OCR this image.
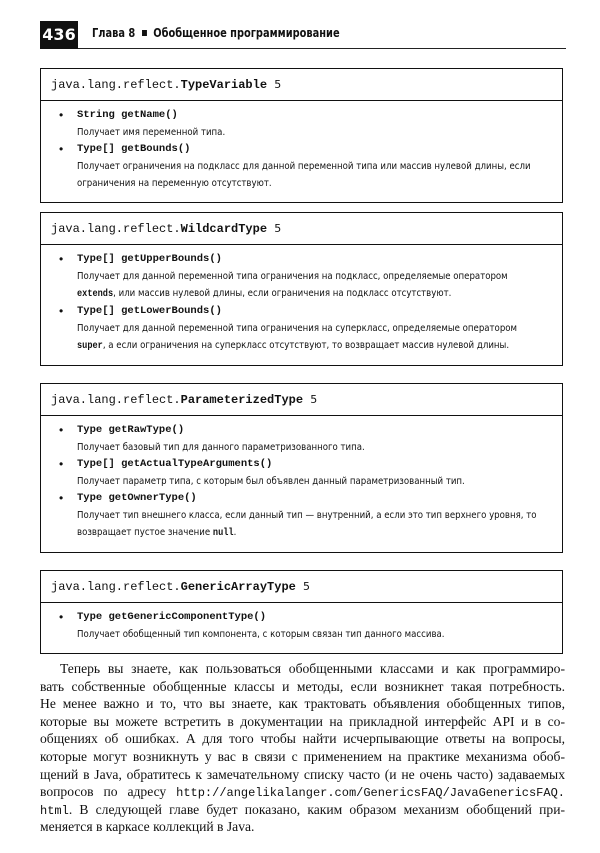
436 Глава 8 Обобщенное программирование
java.lang.reflect.TypeVariable 5
• String getName()
Получает имя переменной типа.
• Type[] getBounds()
Получает ограничения на подкласс для данной переменной типа или массив нулевой длины, если
ограничения на переменную отсутствуют.
java.lang.reflect.WildcardType 5
• Type[] getUpperBounds()
Получает для данной переменной типа ограничения на подкласс, определяемые оператором
extends, или массив нулевой длины, если ограничения на подкласс отсутствуют.
• Type[] getLowerBounds()
Получает для данной переменной типа ограничения на суперкласс, определяемые оператором
super, а если ограничения на суперкласс отсутствуют, то возвращает массив нулевой длины.
java.lang.reflect.ParameterizedType 5
• Type getRawType()
Получает базовый тип для данного параметризованного типа.
• Type[] getActualTypeArguments()
Получает параметр типа, с которым был объявлен данный параметризованный тип.
• Type getOwnerType()
Получает тип внешнего класса, если данный тип — внутренний, а если это тип верхнего уровня, то
возвращает пустое значение null.
java.lang.reflect.GenericArrayType 5
• Type getGenericComponentType()
Получает обобщенный тип компонента, с которым связан тип данного массива.
Теперь вы знаете, как пользоваться обобщенными классами и как программиро-
вать собственные обобщенные классы и методы, если возникнет такая потребность.
Не менее важно и то, что вы знаете, как трактовать объявления обобщенных типов,
которые вы можете встретить в документации на прикладной интерфейс API и в со-
общениях об ошибках. А для того чтобы найти исчерпывающие ответы на вопросы,
которые могут возникнуть у вас в связи с применением на практике механизма обоб-
щений в Java, обратитесь к замечательному списку часто (и не очень часто) задаваемых
вопросов по адресу http://angelikalanger.com/GenericsFAQ/JavaGenericsFAQ.
html. В следующей главе будет показано, каким образом механизм обобщений при-
меняется в каркасе коллекций в Java.
